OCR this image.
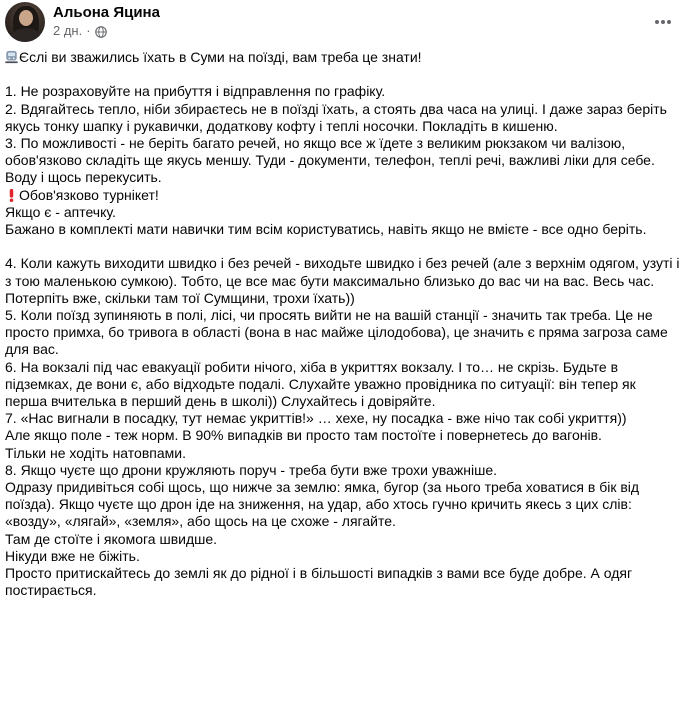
Альона Яцина
2 дн. ·

Єслі ви зважились їхать в Суми на поїзді, вам треба це знати!

1. Не розраховуйте на прибуття і відправлення по графіку.

2. Вдягайтесь тепло, ніби збираєтесь не в поїзді їхать, а стоять два часа на улиці. І даже зараз беріть якусь тонку шапку і рукавички, додаткову кофту і теплі носочки. Покладіть в кишеню.

3. По можливості - не беріть багато речей, но якщо все ж їдете з великим рюкзаком чи валізою, обов'язково складіть ще якусь меншу. Туди - документи, телефон, теплі речі, важливі ліки для себе. Воду і щось перекусить.

Обов'язково турнікет!

Якщо є - аптечку.

Бажано в комплекті мати навички тим всім користуватись, навіть якщо не вмієте - все одно беріть.

4. Коли кажуть виходити швидко і без речей - виходьте швидко і без речей (але з верхнім одягом, узуті і з тою маленькою сумкою). Тобто, це все має бути максимально близько до вас чи на вас. Весь час.

Потерпіть вже, скільки там тої Сумщини, трохи їхать))

5. Коли поїзд зупиняють в полі, лісі, чи просять вийти не на вашій станції - значить так треба. Це не просто примха, бо тривога в області (вона в нас майже цілодобова), це значить є пряма загроза саме для вас.

6. На вокзалі під час евакуації робити нічого, хіба в укриттях вокзалу. І то… не скрізь. Будьте в підземках, де вони є, або відходьте подалі. Слухайте уважно провідника по ситуації: він тепер як перша вчителька в перший день в школі)) Слухайтесь і довіряйте.

7. «Нас вигнали в посадку, тут немає укриттів!» … хехе, ну посадка - вже нічо так собі укриття))

Але якщо поле - теж норм. В 90% випадків ви просто там постоїте і повернетесь до вагонів.

Тільки не ходіть натовпами.

8. Якщо чуєте що дрони кружляють поруч - треба бути вже трохи уважніше.

Одразу придивіться собі щось, що нижче за землю: ямка, бугор (за нього треба ховатися в бік від поїзда). Якщо чуєте що дрон іде на зниження, на удар, або хтось гучно кричить якесь з цих слів: «возду», «лягай», «земля», або щось на це схоже - лягайте.

Там де стоїте і якомога швидше.

Нікуди вже не біжіть.

Просто притискайтесь до землі як до рідної і в більшості випадків з вами все буде добре. А одяг постирається.
